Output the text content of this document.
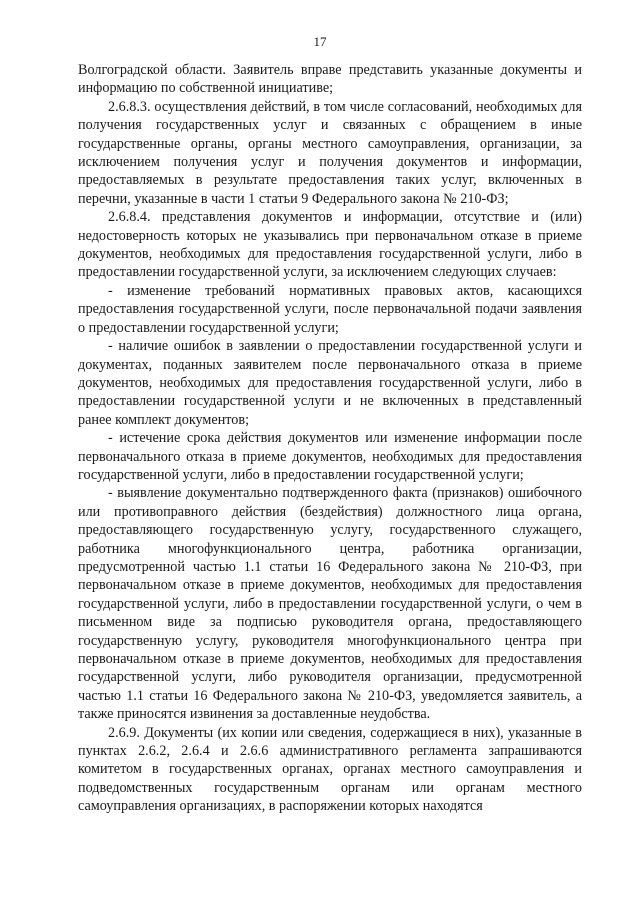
17

Волгоградской области. Заявитель вправе представить указанные документы и информацию по собственной инициативе;

2.6.8.3. осуществления действий, в том числе согласований, необходимых для получения государственных услуг и связанных с обращением в иные государственные органы, органы местного самоуправления, организации, за исключением получения услуг и получения документов и информации, предоставляемых в результате предоставления таких услуг, включенных в перечни, указанные в части 1 статьи 9 Федерального закона № 210-ФЗ;

2.6.8.4. представления документов и информации, отсутствие и (или) недостоверность которых не указывались при первоначальном отказе в приеме документов, необходимых для предоставления государственной услуги, либо в предоставлении государственной услуги, за исключением следующих случаев:

- изменение требований нормативных правовых актов, касающихся предоставления государственной услуги, после первоначальной подачи заявления о предоставлении государственной услуги;

- наличие ошибок в заявлении о предоставлении государственной услуги и документах, поданных заявителем после первоначального отказа в приеме документов, необходимых для предоставления государственной услуги, либо в предоставлении государственной услуги и не включенных в представленный ранее комплект документов;

- истечение срока действия документов или изменение информации после первоначального отказа в приеме документов, необходимых для предоставления государственной услуги, либо в предоставлении государственной услуги;

- выявление документально подтвержденного факта (признаков) ошибочного или противоправного действия (бездействия) должностного лица органа, предоставляющего государственную услугу, государственного служащего, работника многофункционального центра, работника организации, предусмотренной частью 1.1 статьи 16 Федерального закона № 210-ФЗ, при первоначальном отказе в приеме документов, необходимых для предоставления государственной услуги, либо в предоставлении государственной услуги, о чем в письменном виде за подписью руководителя органа, предоставляющего государственную услугу, руководителя многофункционального центра при первоначальном отказе в приеме документов, необходимых для предоставления государственной услуги, либо руководителя организации, предусмотренной частью 1.1 статьи 16 Федерального закона № 210-ФЗ, уведомляется заявитель, а также приносятся извинения за доставленные неудобства.

2.6.9. Документы (их копии или сведения, содержащиеся в них), указанные в пунктах 2.6.2, 2.6.4 и 2.6.6 административного регламента запрашиваются комитетом в государственных органах, органах местного самоуправления и подведомственных государственным органам или органам местного самоуправления организациях, в распоряжении которых находятся
